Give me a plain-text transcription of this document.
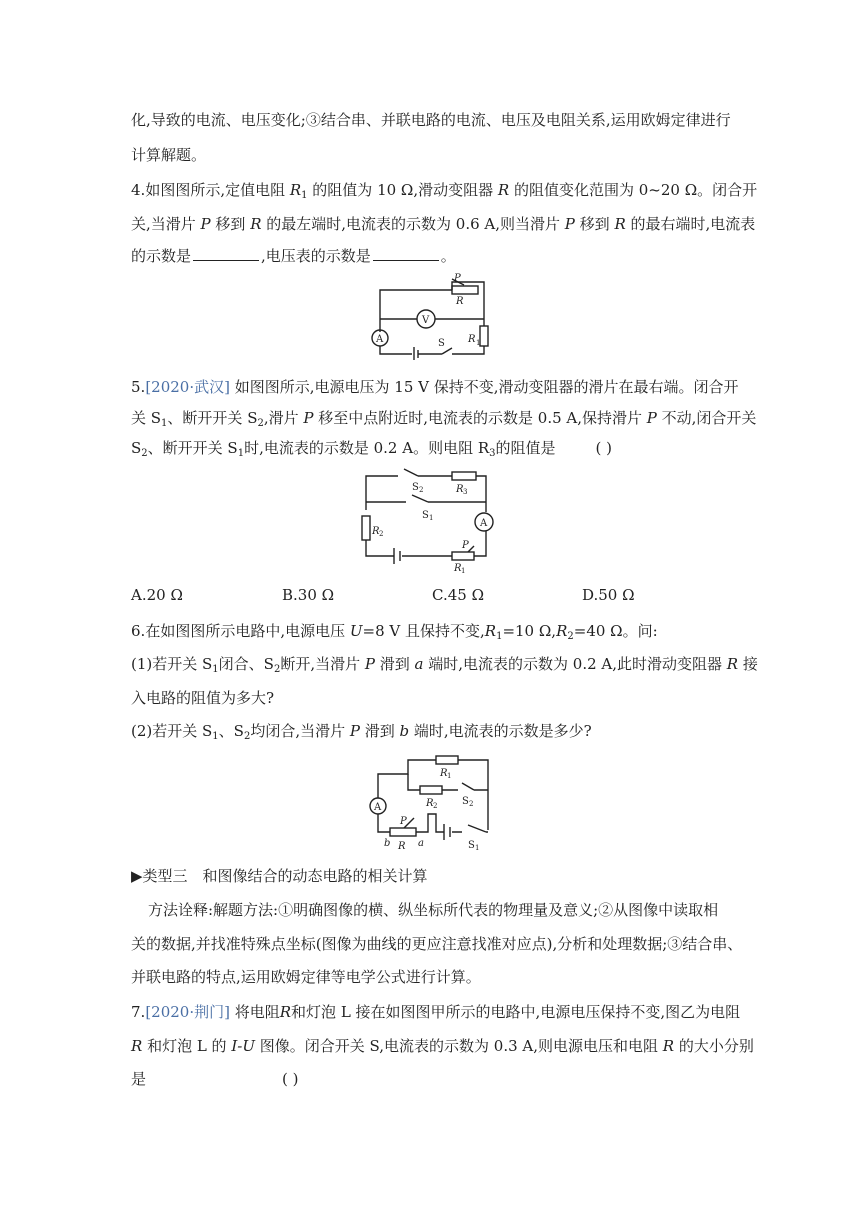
化,导致的电流、电压变化;③结合串、并联电路的电流、电压及电阻关系,运用欧姆定律进行
计算解题。
4.如图图所示,定值电阻 $R_1$ 的阻值为 10 Ω,滑动变阻器 R 的阻值变化范围为 0~20 Ω。闭合开
关,当滑片 P 移到 R 的最左端时,电流表的示数为 0.6 A,则当滑片 P 移到 R 的最右端时,电流表
的示数是	,电压表的示数是	。
P
R
V
A	R 1
S
5.[2020·武汉] 如图图所示,电源电压为 15 V 保持不变,滑动变阻器的滑片在最右端。闭合开
关 $S_1$、断开开关 $S_2$,滑片 P 移至中点附近时,电流表的示数是 0.5 A,保持滑片 P 不动,闭合开关
$S_2$、断开开关 $S_1$时,电流表的示数是 0.2 A。则电阻 $R_3$的阻值是	( )
S 2	R 3
S 1	A
R 2
P
R 1
A.20 Ω	B.30 Ω	C.45 Ω	D.50 Ω
6.在如图图所示电路中,电源电压 U=8 V 且保持不变$,R_1=10$ $\Omega,R_2=40$ Ω。问:
(1)若开关 $S_1$闭合、$S_2$断开,当滑片 P 滑到 a 端时,电流表的示数为 0.2 A,此时滑动变阻器 R 接
入电路的阻值为多大?
(2)若开关 $S_1$、$S_2$均闭合,当滑片 P 滑到 b 端时,电流表的示数是多少?
R 1
R 2 S 2
A
P
b R a	S 1
▶类型三　和图像结合的动态电路的相关计算
方法诠释:解题方法:①明确图像的横、纵坐标所代表的物理量及意义;②从图像中读取相
关的数据,并找准特殊点坐标(图像为曲线的更应注意找准对应点),分析和处理数据;③结合串、
并联电路的特点,运用欧姆定律等电学公式进行计算。
7.[2020·荆门] 将电阻R和灯泡 L 接在如图图甲所示的电路中,电源电压保持不变,图乙为电阻
R 和灯泡 L 的 I-U 图像。闭合开关 S,电流表的示数为 0.3 A,则电源电压和电阻 R 的大小分别
是	( )
